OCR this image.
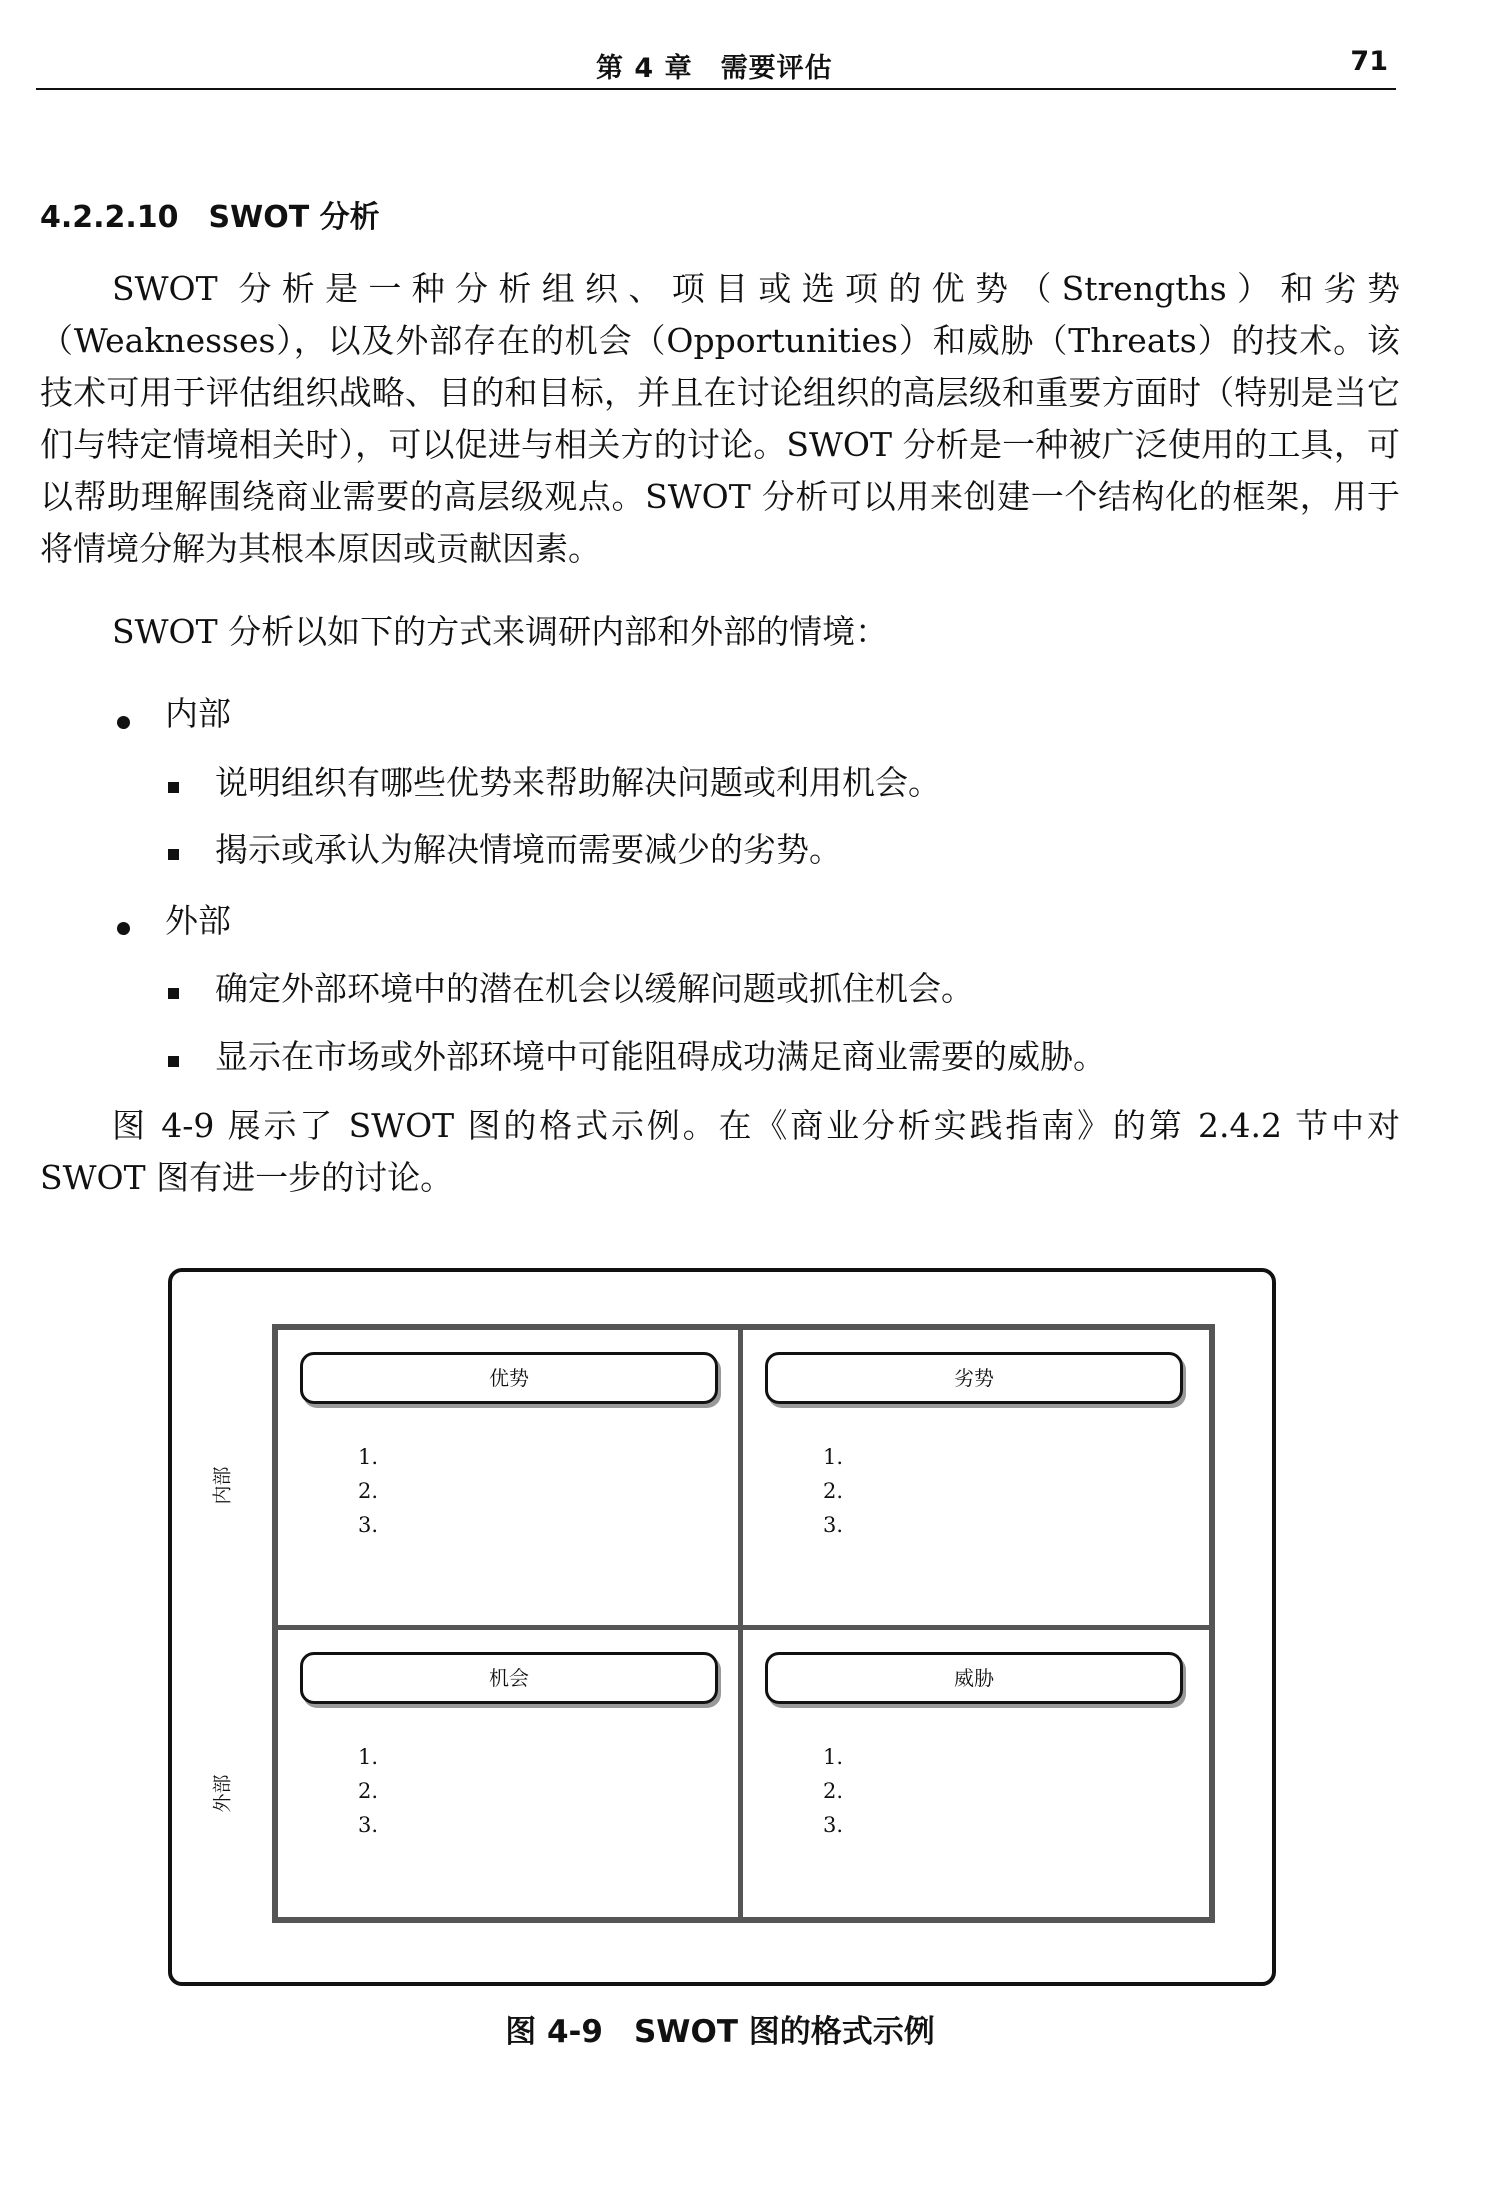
第 4 章　需要评估	71
4.2.2.10　SWOT 分析
SWOT 分析是一种分析组织、项目或选项的优势（Strengths）和劣势（Weaknesses），以及外部存在的机会（Opportunities）和威胁（Threats）的技术。该技术可用于评估组织战略、目的和目标，并且在讨论组织的高层级和重要方面时（特别是当它们与特定情境相关时），可以促进与相关方的讨论。SWOT 分析是一种被广泛使用的工具，可以帮助理解围绕商业需要的高层级观点。SWOT 分析可以用来创建一个结构化的框架，用于将情境分解为其根本原因或贡献因素。
SWOT 分析以如下的方式来调研内部和外部的情境：
内部
说明组织有哪些优势来帮助解决问题或利用机会。
揭示或承认为解决情境而需要减少的劣势。
外部
确定外部环境中的潜在机会以缓解问题或抓住机会。
显示在市场或外部环境中可能阻碍成功满足商业需要的威胁。
图 4-9 展示了 SWOT 图的格式示例。在《商业分析实践指南》的第 2.4.2 节中对 SWOT 图有进一步的讨论。
内部
外部
优势
1.
2.
3.
劣势
1.
2.
3.
机会
1.
2.
3.
威胁
1.
2.
3.
图 4-9　SWOT 图的格式示例
